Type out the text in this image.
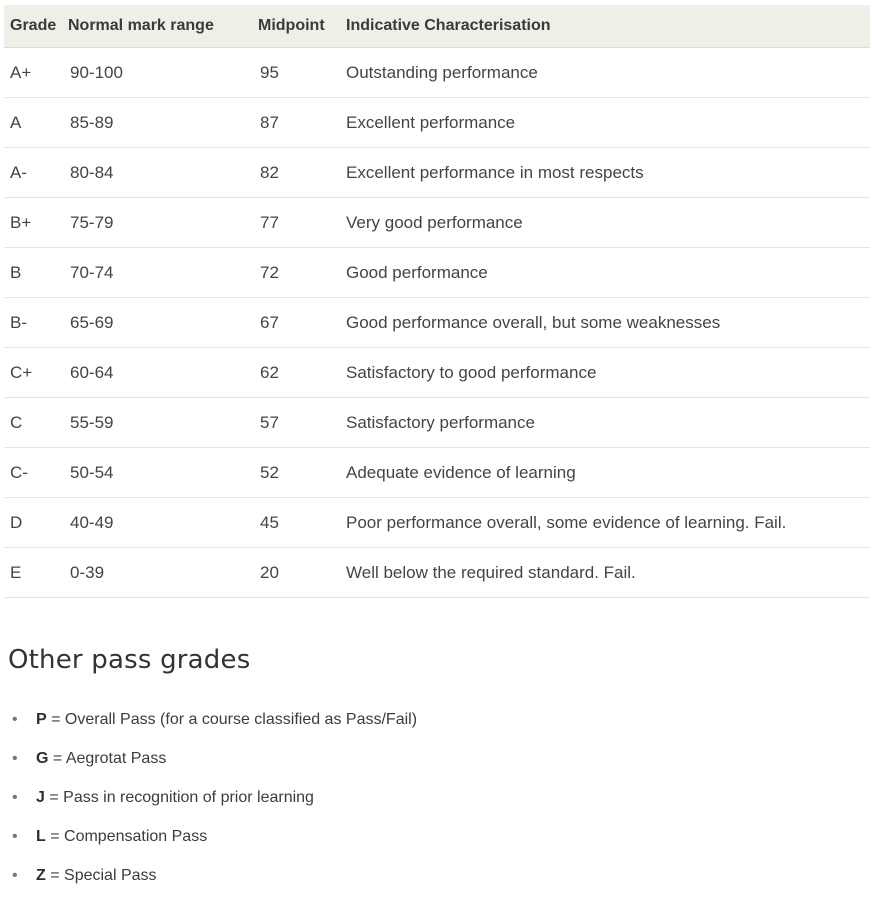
Grade	Normal mark range	Midpoint	Indicative Characterisation
A+	90-100	95	Outstanding performance
A	85-89	87	Excellent performance
A-	80-84	82	Excellent performance in most respects
B+	75-79	77	Very good performance
B	70-74	72	Good performance
B-	65-69	67	Good performance overall, but some weaknesses
C+	60-64	62	Satisfactory to good performance
C	55-59	57	Satisfactory performance
C-	50-54	52	Adequate evidence of learning
D	40-49	45	Poor performance overall, some evidence of learning. Fail.
E	0-39	20	Well below the required standard. Fail.
Other pass grades
• P = Overall Pass (for a course classified as Pass/Fail)
• G = Aegrotat Pass
• J = Pass in recognition of prior learning
• L = Compensation Pass
• Z = Special Pass
